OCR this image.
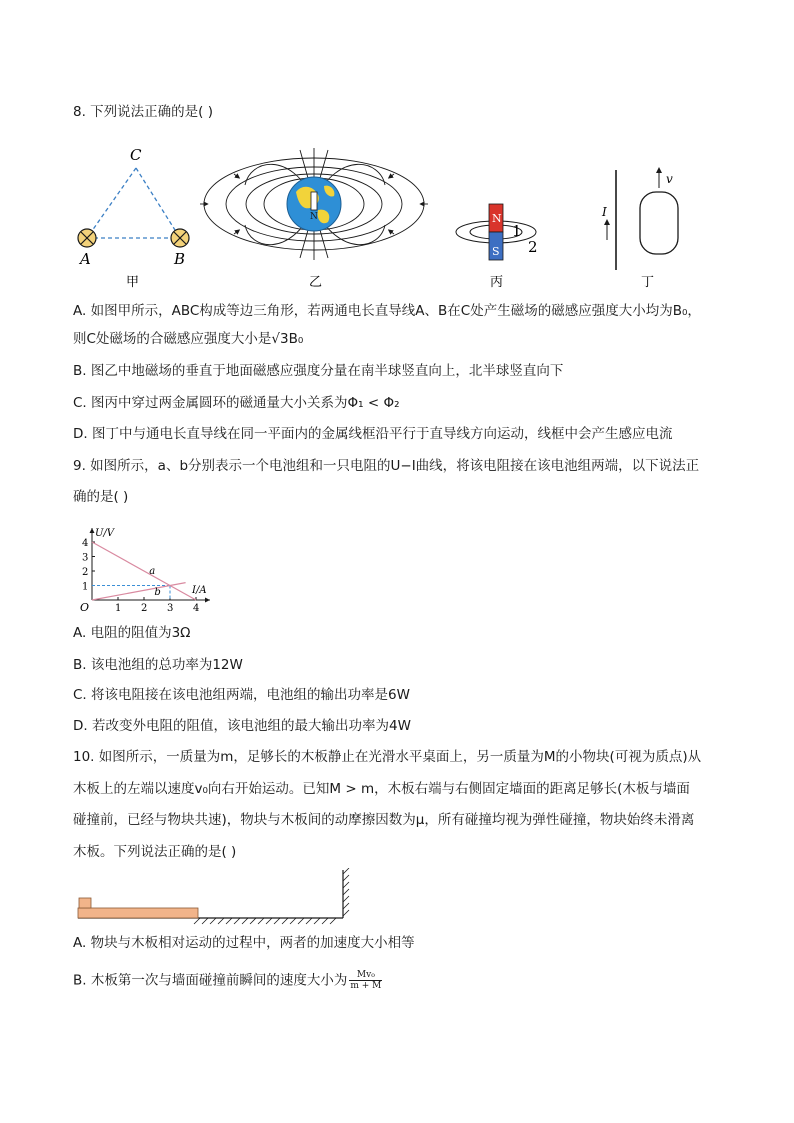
8. 下列说法正确的是( )
C
A	B
甲
N
乙
N
S
1
2
丙
I
v
丁
A. 如图甲所示，ABC构成等边三角形，若两通电长直导线A、B在C处产生磁场的磁感应强度大小均为B₀，
则C处磁场的合磁感应强度大小是√3B₀
B. 图乙中地磁场的垂直于地面磁感应强度分量在南半球竖直向上，北半球竖直向下
C. 图丙中穿过两金属圆环的磁通量大小关系为Φ₁ < Φ₂
D. 图丁中与通电长直导线在同一平面内的金属线框沿平行于直导线方向运动，线框中会产生感应电流
9. 如图所示，a、b分别表示一个电池组和一只电阻的U−I曲线，将该电阻接在该电池组两端，以下说法正
确的是( )
1 2 3 4
1
2
3
4
O
U/V
I/A
a
b
A. 电阻的阻值为3Ω
B. 该电池组的总功率为12W
C. 将该电阻接在该电池组两端，电池组的输出功率是6W
D. 若改变外电阻的阻值，该电池组的最大输出功率为4W
10. 如图所示，一质量为m，足够长的木板静止在光滑水平桌面上，另一质量为M的小物块(可视为质点)从
木板上的左端以速度v₀向右开始运动。已知M > m，木板右端与右侧固定墙面的距离足够长(木板与墙面
碰撞前，已经与物块共速)，物块与木板间的动摩擦因数为μ，所有碰撞均视为弹性碰撞，物块始终未滑离
木板。下列说法正确的是( )
A. 物块与木板相对运动的过程中，两者的加速度大小相等
B. 木板第一次与墙面碰撞前瞬间的速度大小为 $\frac{\text{Mv₀}}{m + M}$
